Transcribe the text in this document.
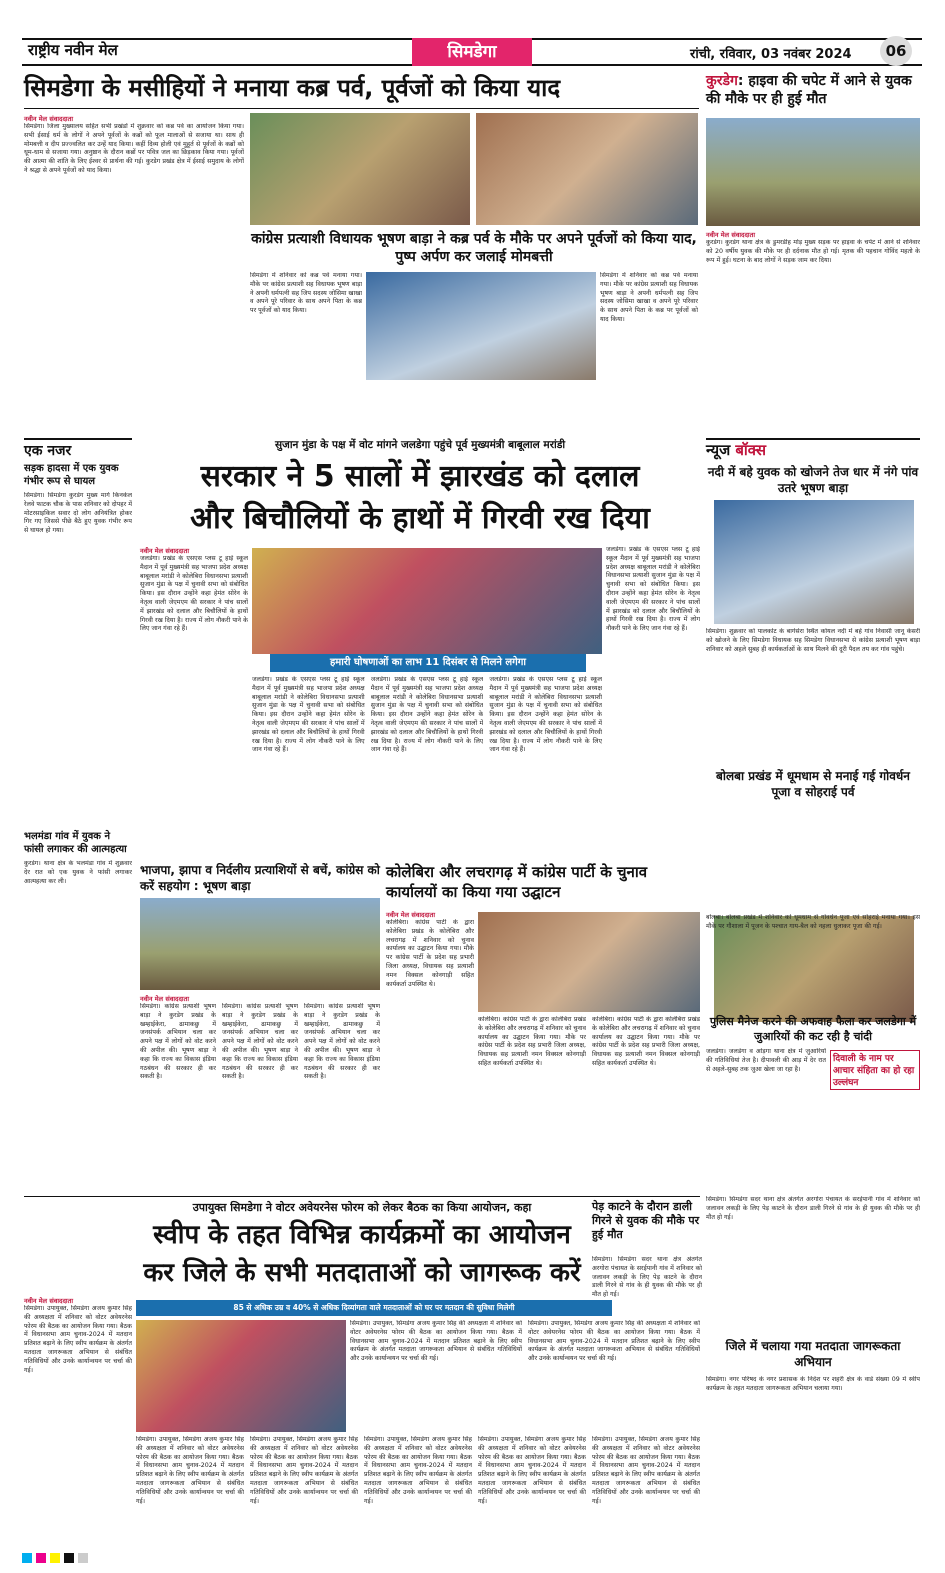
राष्ट्रीय नवीन मेल	सिमडेगा	रांची, रविवार, 03 नवंबर 2024	06
सिमडेगा के मसीहियों ने मनाया कब्र पर्व, पूर्वजों को किया याद
नवीन मेल संवाददाता
सिमडेगा। जिला मुख्यालय सहित सभी प्रखंडों में शुक्रवार को कब्र पर्व का आयोजन किया गया। सभी ईसाई धर्म के लोगों ने अपने पूर्वजों के कब्रों को फूल मालाओं से सजाया था। साथ ही मोमबत्ती व दीप प्रज्ज्वलित कर उन्हें याद किया। कहीं दिव्य होली एवं मुहूर्त से पूर्वजों के कब्रों को धूम-धाम से सजाया गया। अनुष्ठान के दौरान कब्रों पर पवित्र जल का छिड़काव किया गया। पूर्वजों की आत्मा की शांति के लिए ईश्वर से प्रार्थना की गई। कुरडेग प्रखंड क्षेत्र में ईसाई समुदाय के लोगों ने श्रद्धा से अपने पूर्वजों को याद किया।
कांग्रेस प्रत्याशी विधायक भूषण बाड़ा ने कब्र पर्व के मौके पर अपने पूर्वजों को किया याद, पुष्प अर्पण कर जलाई मोमबत्ती
सिमडेगा में शनिवार को कब्र पर्व मनाया गया। मौके पर कांग्रेस प्रत्याशी सह विधायक भूषण बाड़ा ने अपनी धर्मपत्नी सह जिप सदस्य जोसिमा खाखा व अपने पूरे परिवार के साथ अपने पिता के कब्र पर पूर्वजों को याद किया।
सिमडेगा में शनिवार को कब्र पर्व मनाया गया। मौके पर कांग्रेस प्रत्याशी सह विधायक भूषण बाड़ा ने अपनी धर्मपत्नी सह जिप सदस्य जोसिमा खाखा व अपने पूरे परिवार के साथ अपने पिता के कब्र पर पूर्वजों को याद किया।
कुरडेग: हाइवा की चपेट में आने से युवक की मौके पर ही हुई मौत
नवीन मेल संवाददाता
कुरडेग। कुरडेग थाना क्षेत्र के डुमरडीह मोड़ मुख्य सड़क पर हाइवा के चपेट में आने से शनिवार को 20 वर्षीय युवक की मौके पर ही दर्दनाक मौत हो गई। मृतक की पहचान गोविंद महतो के रूप में हुई। घटना के बाद लोगों ने सड़क जाम कर दिया।
एक नजर
सड़क हादसा में एक युवक गंभीर रूप से घायल
सिमडेगा। सिमडेगा कुरडेग मुख्य मार्ग किनकेल रेलवे फाटक चौक के पास शनिवार को दोपहर में मोटरसाइकिल सवार दो लोग अनियंत्रित होकर गिर गए जिससे पीछे बैठे हुए युवक गंभीर रूप से घायल हो गया।
भलमंडा गांव में युवक ने फांसी लगाकर की आत्महत्या
कुरडेग। थाना क्षेत्र के भलमंडा गांव में शुक्रवार देर रात को एक युवक ने फांसी लगाकर आत्महत्या कर ली।
सुजान मुंडा के पक्ष में वोट मांगने जलडेगा पहुंचे पूर्व मुख्यमंत्री बाबूलाल मरांडी
सरकार ने 5 सालों में झारखंड को दलाल
और बिचौलियों के हाथों में गिरवी रख दिया
नवीन मेल संवाददाता
जलडेगा। प्रखंड के एसएस प्लस टू हाई स्कूल मैदान में पूर्व मुख्यमंत्री सह भाजपा प्रदेश अध्यक्ष बाबूलाल मरांडी ने कोलेबिरा विधानसभा प्रत्याशी सुजान मुंडा के पक्ष में चुनावी सभा को संबोधित किया। इस दौरान उन्होंने कहा हेमंत सोरेन के नेतृत्व वाली जेएमएम की सरकार ने पांच सालों में झारखंड को दलाल और बिचौलियों के हाथों गिरवी रख दिया है। राज्य में लोग नौकरी पाने के लिए जान गंवा रहे हैं।
हमारी घोषणाओं का लाभ 11 दिसंबर से मिलने लगेगा
जलडेगा। प्रखंड के एसएस प्लस टू हाई स्कूल मैदान में पूर्व मुख्यमंत्री सह भाजपा प्रदेश अध्यक्ष बाबूलाल मरांडी ने कोलेबिरा विधानसभा प्रत्याशी सुजान मुंडा के पक्ष में चुनावी सभा को संबोधित किया। इस दौरान उन्होंने कहा हेमंत सोरेन के नेतृत्व वाली जेएमएम की सरकार ने पांच सालों में झारखंड को दलाल और बिचौलियों के हाथों गिरवी रख दिया है। राज्य में लोग नौकरी पाने के लिए जान गंवा रहे हैं।
जलडेगा। प्रखंड के एसएस प्लस टू हाई स्कूल मैदान में पूर्व मुख्यमंत्री सह भाजपा प्रदेश अध्यक्ष बाबूलाल मरांडी ने कोलेबिरा विधानसभा प्रत्याशी सुजान मुंडा के पक्ष में चुनावी सभा को संबोधित किया। इस दौरान उन्होंने कहा हेमंत सोरेन के नेतृत्व वाली जेएमएम की सरकार ने पांच सालों में झारखंड को दलाल और बिचौलियों के हाथों गिरवी रख दिया है। राज्य में लोग नौकरी पाने के लिए जान गंवा रहे हैं।
जलडेगा। प्रखंड के एसएस प्लस टू हाई स्कूल मैदान में पूर्व मुख्यमंत्री सह भाजपा प्रदेश अध्यक्ष बाबूलाल मरांडी ने कोलेबिरा विधानसभा प्रत्याशी सुजान मुंडा के पक्ष में चुनावी सभा को संबोधित किया। इस दौरान उन्होंने कहा हेमंत सोरेन के नेतृत्व वाली जेएमएम की सरकार ने पांच सालों में झारखंड को दलाल और बिचौलियों के हाथों गिरवी रख दिया है। राज्य में लोग नौकरी पाने के लिए जान गंवा रहे हैं।
जलडेगा। प्रखंड के एसएस प्लस टू हाई स्कूल मैदान में पूर्व मुख्यमंत्री सह भाजपा प्रदेश अध्यक्ष बाबूलाल मरांडी ने कोलेबिरा विधानसभा प्रत्याशी सुजान मुंडा के पक्ष में चुनावी सभा को संबोधित किया। इस दौरान उन्होंने कहा हेमंत सोरेन के नेतृत्व वाली जेएमएम की सरकार ने पांच सालों में झारखंड को दलाल और बिचौलियों के हाथों गिरवी रख दिया है। राज्य में लोग नौकरी पाने के लिए जान गंवा रहे हैं।
भाजपा, झापा व निर्दलीय प्रत्याशियों से बचें, कांग्रेस को करें सहयोग : भूषण बाड़ा
नवीन मेल संवाददाता
सिमडेगा। कांग्रेस प्रत्याशी भूषण बाड़ा ने कुरडेग प्रखंड के खम्हाईकेरा, ढामाकछु में जनसंपर्क अभियान चला कर अपने पक्ष में लोगों को वोट करने की अपील की। भूषण बाड़ा ने कहा कि राज्य का विकास इंडिया गठबंधन की सरकार ही कर सकती है।
सिमडेगा। कांग्रेस प्रत्याशी भूषण बाड़ा ने कुरडेग प्रखंड के खम्हाईकेरा, ढामाकछु में जनसंपर्क अभियान चला कर अपने पक्ष में लोगों को वोट करने की अपील की। भूषण बाड़ा ने कहा कि राज्य का विकास इंडिया गठबंधन की सरकार ही कर सकती है।
सिमडेगा। कांग्रेस प्रत्याशी भूषण बाड़ा ने कुरडेग प्रखंड के खम्हाईकेरा, ढामाकछु में जनसंपर्क अभियान चला कर अपने पक्ष में लोगों को वोट करने की अपील की। भूषण बाड़ा ने कहा कि राज्य का विकास इंडिया गठबंधन की सरकार ही कर सकती है।
कोलेबिरा और लचरागढ़ में कांग्रेस पार्टी के चुनाव कार्यालयों का किया गया उद्घाटन
नवीन मेल संवाददाता
कोलेबिरा। कांग्रेस पार्टी के द्वारा कोलेबिरा प्रखंड के कोलेबिरा और लचरागढ़ में शनिवार को चुनाव कार्यालय का उद्घाटन किया गया। मौके पर कांग्रेस पार्टी के प्रदेश सह प्रभारी जिला अध्यक्ष, विधायक सह प्रत्याशी नमन विक्सल कोनगाड़ी सहित कार्यकर्ता उपस्थित थे।
कोलेबिरा। कांग्रेस पार्टी के द्वारा कोलेबिरा प्रखंड के कोलेबिरा और लचरागढ़ में शनिवार को चुनाव कार्यालय का उद्घाटन किया गया। मौके पर कांग्रेस पार्टी के प्रदेश सह प्रभारी जिला अध्यक्ष, विधायक सह प्रत्याशी नमन विक्सल कोनगाड़ी सहित कार्यकर्ता उपस्थित थे।
कोलेबिरा। कांग्रेस पार्टी के द्वारा कोलेबिरा प्रखंड के कोलेबिरा और लचरागढ़ में शनिवार को चुनाव कार्यालय का उद्घाटन किया गया। मौके पर कांग्रेस पार्टी के प्रदेश सह प्रभारी जिला अध्यक्ष, विधायक सह प्रत्याशी नमन विक्सल कोनगाड़ी सहित कार्यकर्ता उपस्थित थे।
न्यूज बॉक्स
नदी में बहे युवक को खोजने तेज धार में नंगे पांव उतरे भूषण बाड़ा
सिमडेगा। शुक्रवार को पालकोट के बागेसेरा स्थित कोयल नदी में बहे गांव निवासी जानू केसरी को खोजने के लिए सिमडेगा विधायक सह सिमडेगा विधानसभा से कांग्रेस प्रत्याशी भूषण बाड़ा शनिवार को अहले सुबह ही कार्यकर्ताओं के साथ मिलने की दूरी पैदल तय कर गांव पहुंचे।
बोलबा प्रखंड में धूमधाम से मनाई गई गोवर्धन पूजा व सोहराई पर्व
बोलबा। बोलबा प्रखंड में शनिवार को धूमधाम से गोवर्धन पूजा एवं सोहराई मनाया गया। इस मौके पर गौशाला में पूजन के पश्चात गाय-बैल को नहला धुलाकर पूजा की गई।
पुलिस मैनेज करने की अफवाह फैला कर जलडेगा में जुआरियों की कट रही है चांदी
जलडेगा। जलडेगा व ओड़गा थाना क्षेत्र में जुआरियों की गतिविधियां तेज है। दीपावली की आड़ में देर रात से अहले-सुबह तक जुआ खेला जा रहा है।
दिवाली के नाम पर आचार संहिता का हो रहा उल्लंघन
उपायुक्त सिमडेगा ने वोटर अवेयरनेस फोरम को लेकर बैठक का किया आयोजन, कहा
स्वीप के तहत विभिन्न कार्यक्रमों का आयोजन
कर जिले के सभी मतदाताओं को जागरूक करें
नवीन मेल संवाददाता
सिमडेगा। उपायुक्त, सिमडेगा अजय कुमार सिंह की अध्यक्षता में शनिवार को वोटर अवेयरनेस फोरम की बैठक का आयोजन किया गया। बैठक में विधानसभा आम चुनाव-2024 में मतदान प्रतिशत बढ़ाने के लिए स्वीप कार्यक्रम के अंतर्गत मतदाता जागरूकता अभियान से संबंधित गतिविधियों और उनके कार्यान्वयन पर चर्चा की गई।
85 से अधिक उम्र व 40% से अधिक दिव्यांगता वाले मतदाताओं को घर पर मतदान की सुविधा मिलेगी
सिमडेगा। उपायुक्त, सिमडेगा अजय कुमार सिंह की अध्यक्षता में शनिवार को वोटर अवेयरनेस फोरम की बैठक का आयोजन किया गया। बैठक में विधानसभा आम चुनाव-2024 में मतदान प्रतिशत बढ़ाने के लिए स्वीप कार्यक्रम के अंतर्गत मतदाता जागरूकता अभियान से संबंधित गतिविधियों और उनके कार्यान्वयन पर चर्चा की गई।
सिमडेगा। उपायुक्त, सिमडेगा अजय कुमार सिंह की अध्यक्षता में शनिवार को वोटर अवेयरनेस फोरम की बैठक का आयोजन किया गया। बैठक में विधानसभा आम चुनाव-2024 में मतदान प्रतिशत बढ़ाने के लिए स्वीप कार्यक्रम के अंतर्गत मतदाता जागरूकता अभियान से संबंधित गतिविधियों और उनके कार्यान्वयन पर चर्चा की गई।
सिमडेगा। उपायुक्त, सिमडेगा अजय कुमार सिंह की अध्यक्षता में शनिवार को वोटर अवेयरनेस फोरम की बैठक का आयोजन किया गया। बैठक में विधानसभा आम चुनाव-2024 में मतदान प्रतिशत बढ़ाने के लिए स्वीप कार्यक्रम के अंतर्गत मतदाता जागरूकता अभियान से संबंधित गतिविधियों और उनके कार्यान्वयन पर चर्चा की गई।
सिमडेगा। उपायुक्त, सिमडेगा अजय कुमार सिंह की अध्यक्षता में शनिवार को वोटर अवेयरनेस फोरम की बैठक का आयोजन किया गया। बैठक में विधानसभा आम चुनाव-2024 में मतदान प्रतिशत बढ़ाने के लिए स्वीप कार्यक्रम के अंतर्गत मतदाता जागरूकता अभियान से संबंधित गतिविधियों और उनके कार्यान्वयन पर चर्चा की गई।
सिमडेगा। उपायुक्त, सिमडेगा अजय कुमार सिंह की अध्यक्षता में शनिवार को वोटर अवेयरनेस फोरम की बैठक का आयोजन किया गया। बैठक में विधानसभा आम चुनाव-2024 में मतदान प्रतिशत बढ़ाने के लिए स्वीप कार्यक्रम के अंतर्गत मतदाता जागरूकता अभियान से संबंधित गतिविधियों और उनके कार्यान्वयन पर चर्चा की गई।
सिमडेगा। उपायुक्त, सिमडेगा अजय कुमार सिंह की अध्यक्षता में शनिवार को वोटर अवेयरनेस फोरम की बैठक का आयोजन किया गया। बैठक में विधानसभा आम चुनाव-2024 में मतदान प्रतिशत बढ़ाने के लिए स्वीप कार्यक्रम के अंतर्गत मतदाता जागरूकता अभियान से संबंधित गतिविधियों और उनके कार्यान्वयन पर चर्चा की गई।
सिमडेगा। उपायुक्त, सिमडेगा अजय कुमार सिंह की अध्यक्षता में शनिवार को वोटर अवेयरनेस फोरम की बैठक का आयोजन किया गया। बैठक में विधानसभा आम चुनाव-2024 में मतदान प्रतिशत बढ़ाने के लिए स्वीप कार्यक्रम के अंतर्गत मतदाता जागरूकता अभियान से संबंधित गतिविधियों और उनके कार्यान्वयन पर चर्चा की गई।
पेड़ काटने के दौरान डाली गिरने से युवक की मौके पर हुई मौत
सिमडेगा। सिमडेगा सदर थाना क्षेत्र अंतर्गत अरगोरा पंचायत के सरईपानी गांव में शनिवार को जलावन लकड़ी के लिए पेड़ काटने के दौरान डाली गिरने से गांव के ही युवक की मौके पर ही मौत हो गई।
सिमडेगा। सिमडेगा सदर थाना क्षेत्र अंतर्गत अरगोरा पंचायत के सरईपानी गांव में शनिवार को जलावन लकड़ी के लिए पेड़ काटने के दौरान डाली गिरने से गांव के ही युवक की मौके पर ही मौत हो गई।
जिले में चलाया गया मतदाता जागरूकता अभियान
सिमडेगा। नगर परिषद के नगर प्रशासक के निर्देश पर शहरी क्षेत्र के वार्ड संख्या 09 में स्वीप कार्यक्रम के तहत मतदाता जागरूकता अभियान चलाया गया।
